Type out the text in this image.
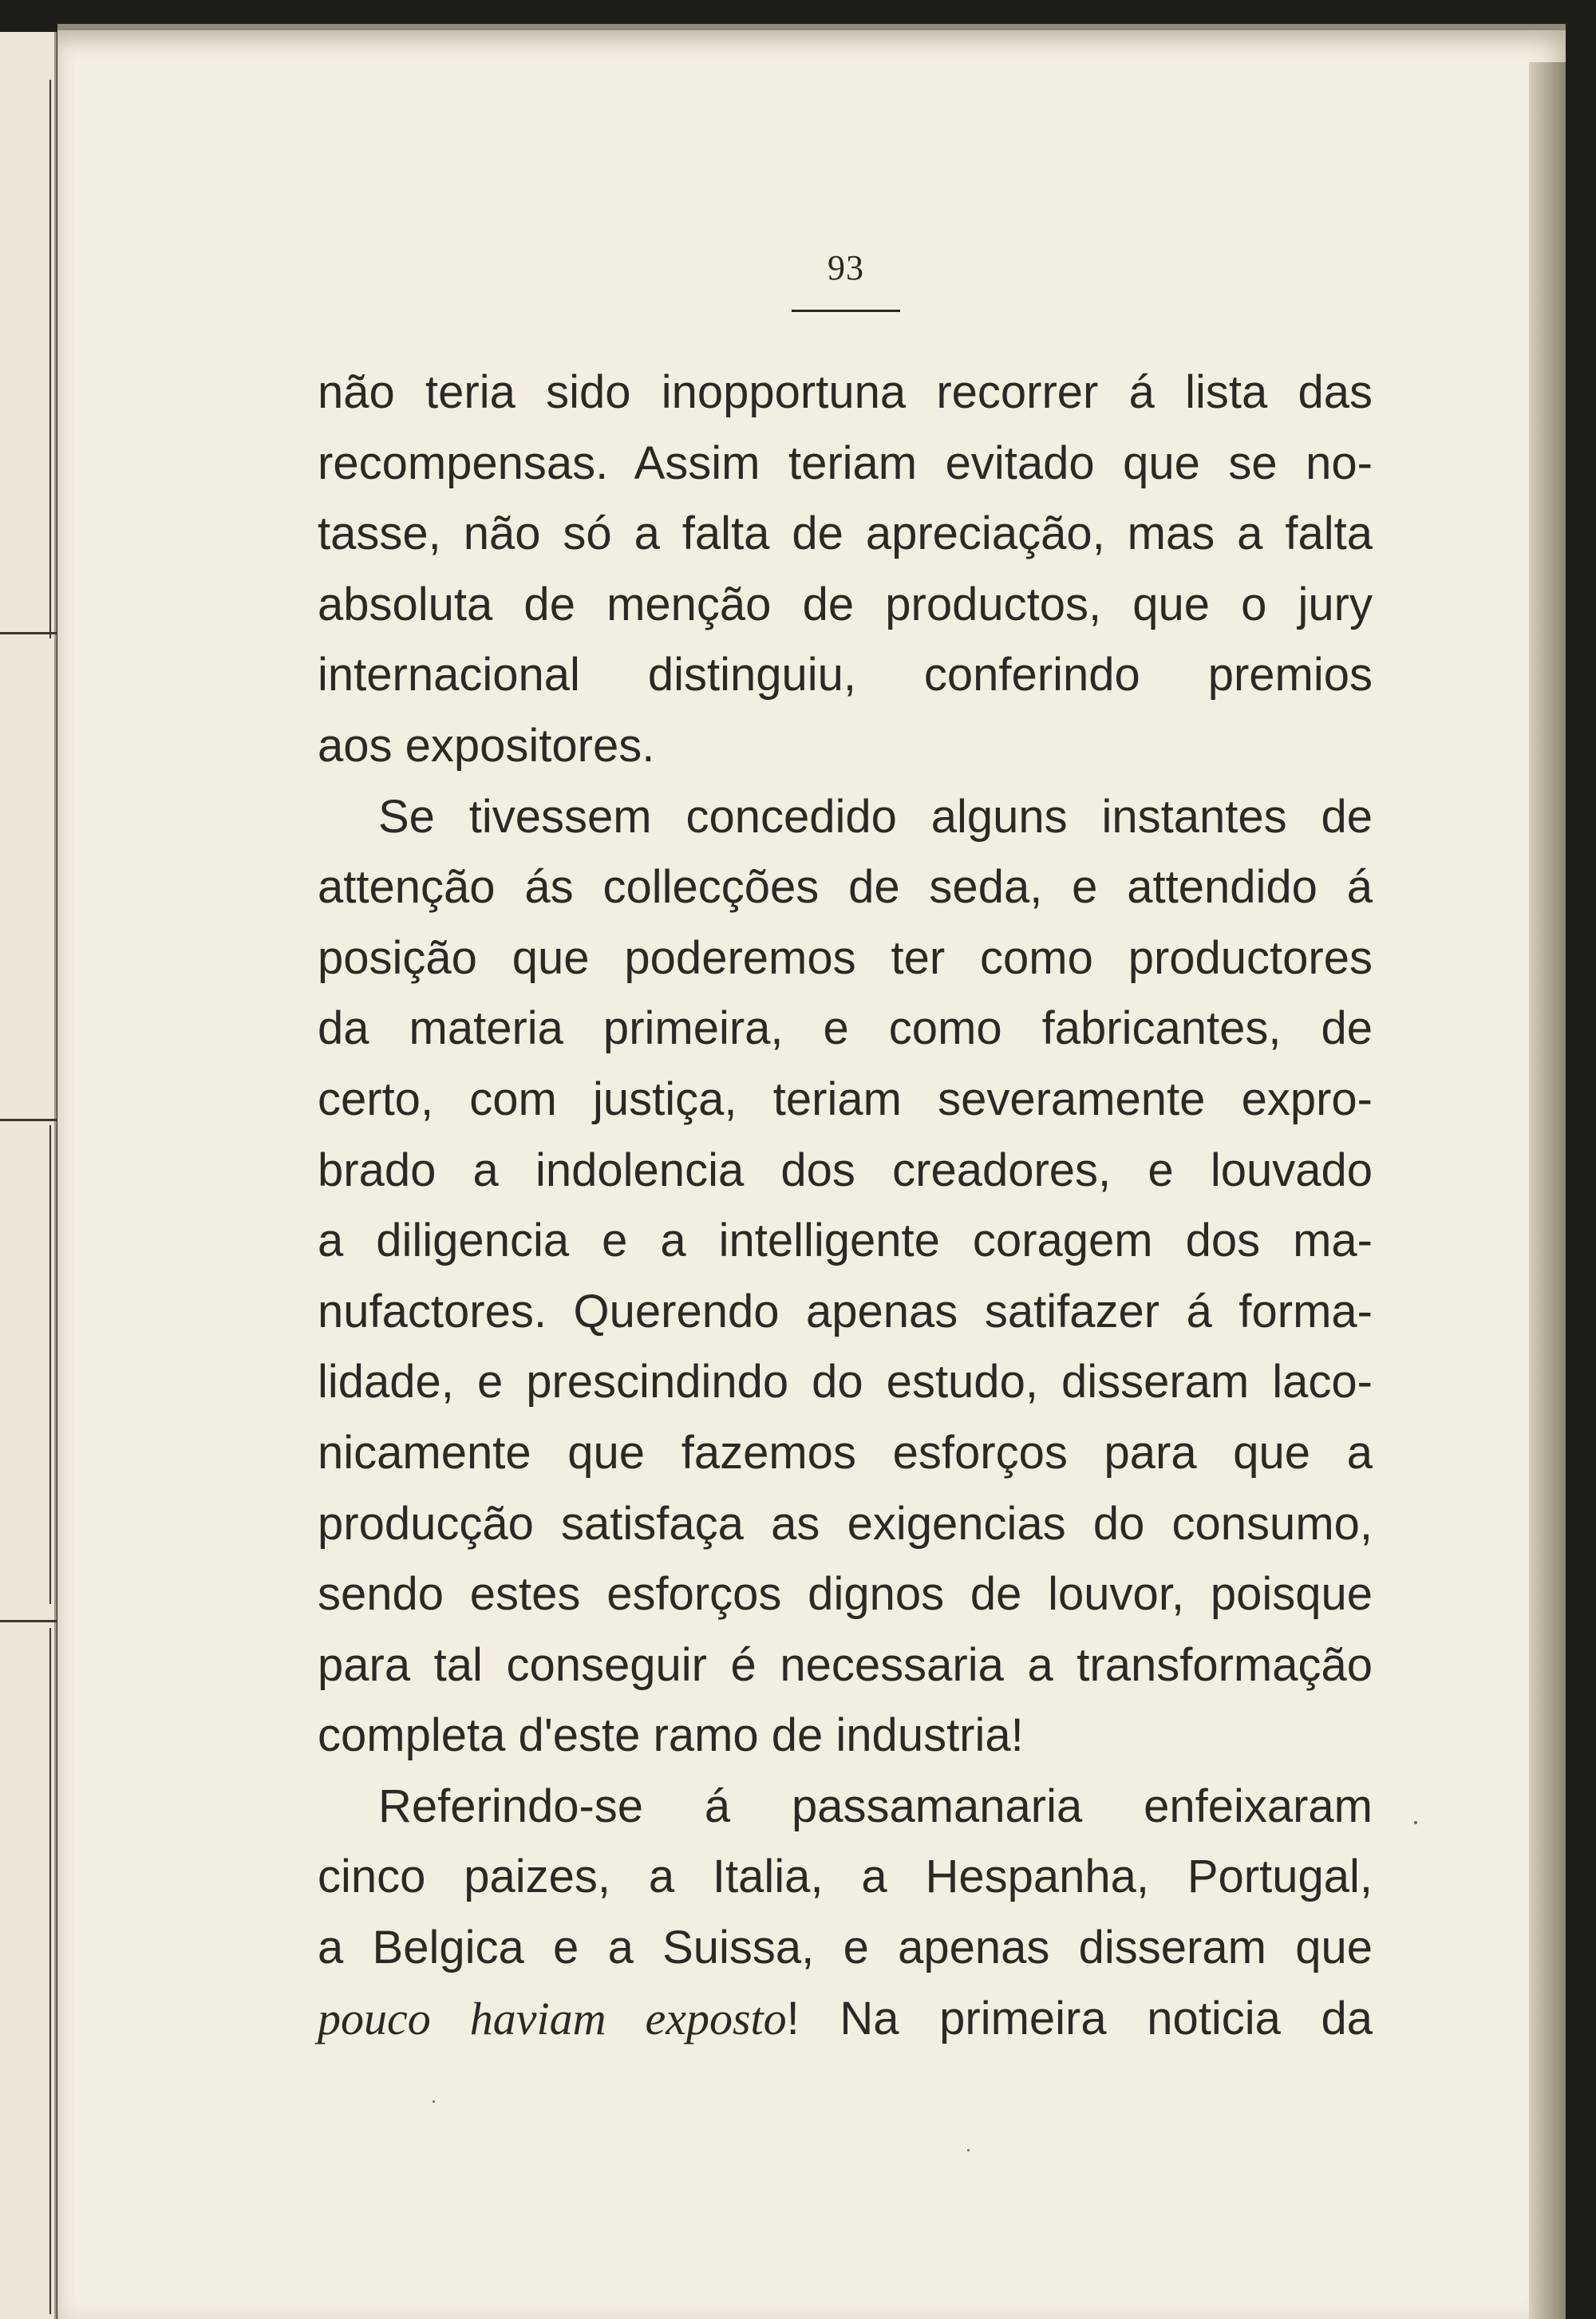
93
não teria sido inopportuna recorrer á lista das
recompensas. Assim teriam evitado que se no-
tasse, não só a falta de apreciação, mas a falta
absoluta de menção de productos, que o jury
internacional distinguiu, conferindo premios
aos expositores.
Se tivessem concedido alguns instantes de
attenção ás collecções de seda, e attendido á
posição que poderemos ter como productores
da materia primeira, e como fabricantes, de
certo, com justiça, teriam severamente expro-
brado a indolencia dos creadores, e louvado
a diligencia e a intelligente coragem dos ma-
nufactores. Querendo apenas satifazer á forma-
lidade, e prescindindo do estudo, disseram laco-
nicamente que fazemos esforços para que a
producção satisfaça as exigencias do consumo,
sendo estes esforços dignos de louvor, poisque
para tal conseguir é necessaria a transformação
completa d'este ramo de industria!
Referindo-se á passamanaria enfeixaram
cinco paizes, a Italia, a Hespanha, Portugal,
a Belgica e a Suissa, e apenas disseram que
pouco haviam exposto! Na primeira noticia da
